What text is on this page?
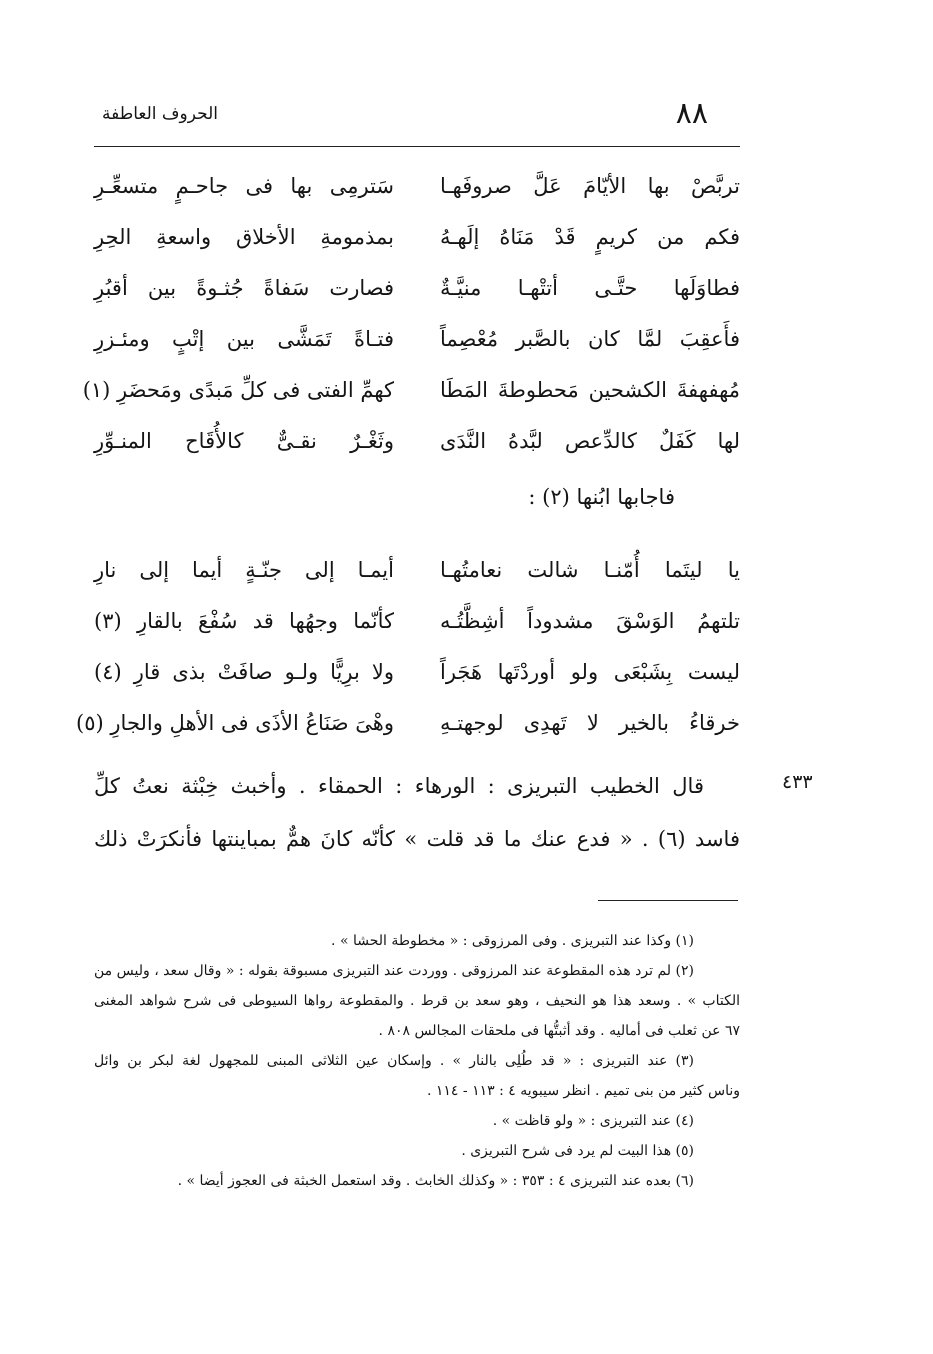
٨٨
الحروف العاطفة
تربَّصْ بها الأيّامَ عَلَّ صروفَهـا
سَترمِى بها فى جاحـمٍ متسعِّـرِ
فكم من كريمٍ قَدْ مَنَاهُ إلَهـهُ
بمذمومةِ الأخلاق واسعةِ الحِرِ
فطاوَلَها حتَّـى أتتْهـا منيَّـةٌ
فصارت سَفاةً جُثـوةً بين أقبُرِ
فأَعقِبَ لمَّا كان بالصَّبر مُعْصِماً
فتـاةً تَمَشَّى بين إتْبٍ ومئـزرِ
مُهفهفةَ الكشحين مَحطوطةَ المَطَا
كهمِّ الفتى فى كلِّ مَبدًى ومَحضَرِ (١)
لها كَفَلٌ كالدِّعص لبَّدهُ النَّدَى
وثَغْـرٌ نقـىٌّ كالأُقَاح المنـوِّرِ
فاجابها ابُنها (٢) :
يا ليتَما أُمّنـا شالت نعامتُهـا
أيمـا إلى جنّـةٍ أيما إلى نارِ
تلتهمُ الوَسْقَ مشدوداً أشِظَّتُـه
كأنّما وجهُها قد سُفْعَ بالقارِ (٣)
ليست بِشَبْعَى ولو أوردْتَها هَجَراً
ولا برِيًّا ولـو صافَتْ بذى قارِ (٤)
خرقاءُ بالخير لا تَهدِى لوجهتـهِ
وهْىَ صَنَاعُ الأذَى فى الأهلِ والجارِ (٥)
٤٣٣

قال الخطيب التبريزى : الورهاء : الحمقاء . وأخبث خِبْثة نعتُ كلِّ

فاسد (٦) . « فدع عنك ما قد قلت » كأنّه كانَ همٌّ بمباينتها فأنكرَتْ ذلك

(١) وكذا عند التبريزى . وفى المرزوقى : « مخطوطة الحشا » .

(٢) لم ترد هذه المقطوعة عند المرزوقى . ووردت عند التبريزى مسبوقة بقوله : « وقال سعد ، وليس من

الكتاب » . وسعد هذا هو النحيف ، وهو سعد بن قرط . والمقطوعة رواها السيوطى فى شرح شواهد المغنى

٦٧ عن ثعلب فى أماليه . وقد أثبتُّها فى ملحقات المجالس ٨٠٨ .

(٣) عند التبريزى : « قد طُلِى بالنار » . وإسكان عين الثلاثى المبنى للمجهول لغة لبكر بن وائل

وناس كثير من بنى تميم . انظر سيبويه ٤ : ١١٣ - ١١٤ .

(٤) عند التبريزى : « ولو قاظت » .

(٥) هذا البيت لم يرد فى شرح التبريزى .

(٦) بعده عند التبريزى ٤ : ٣٥٣ : « وكذلك الخابث . وقد استعمل الخبثة فى العجوز أيضا » .
